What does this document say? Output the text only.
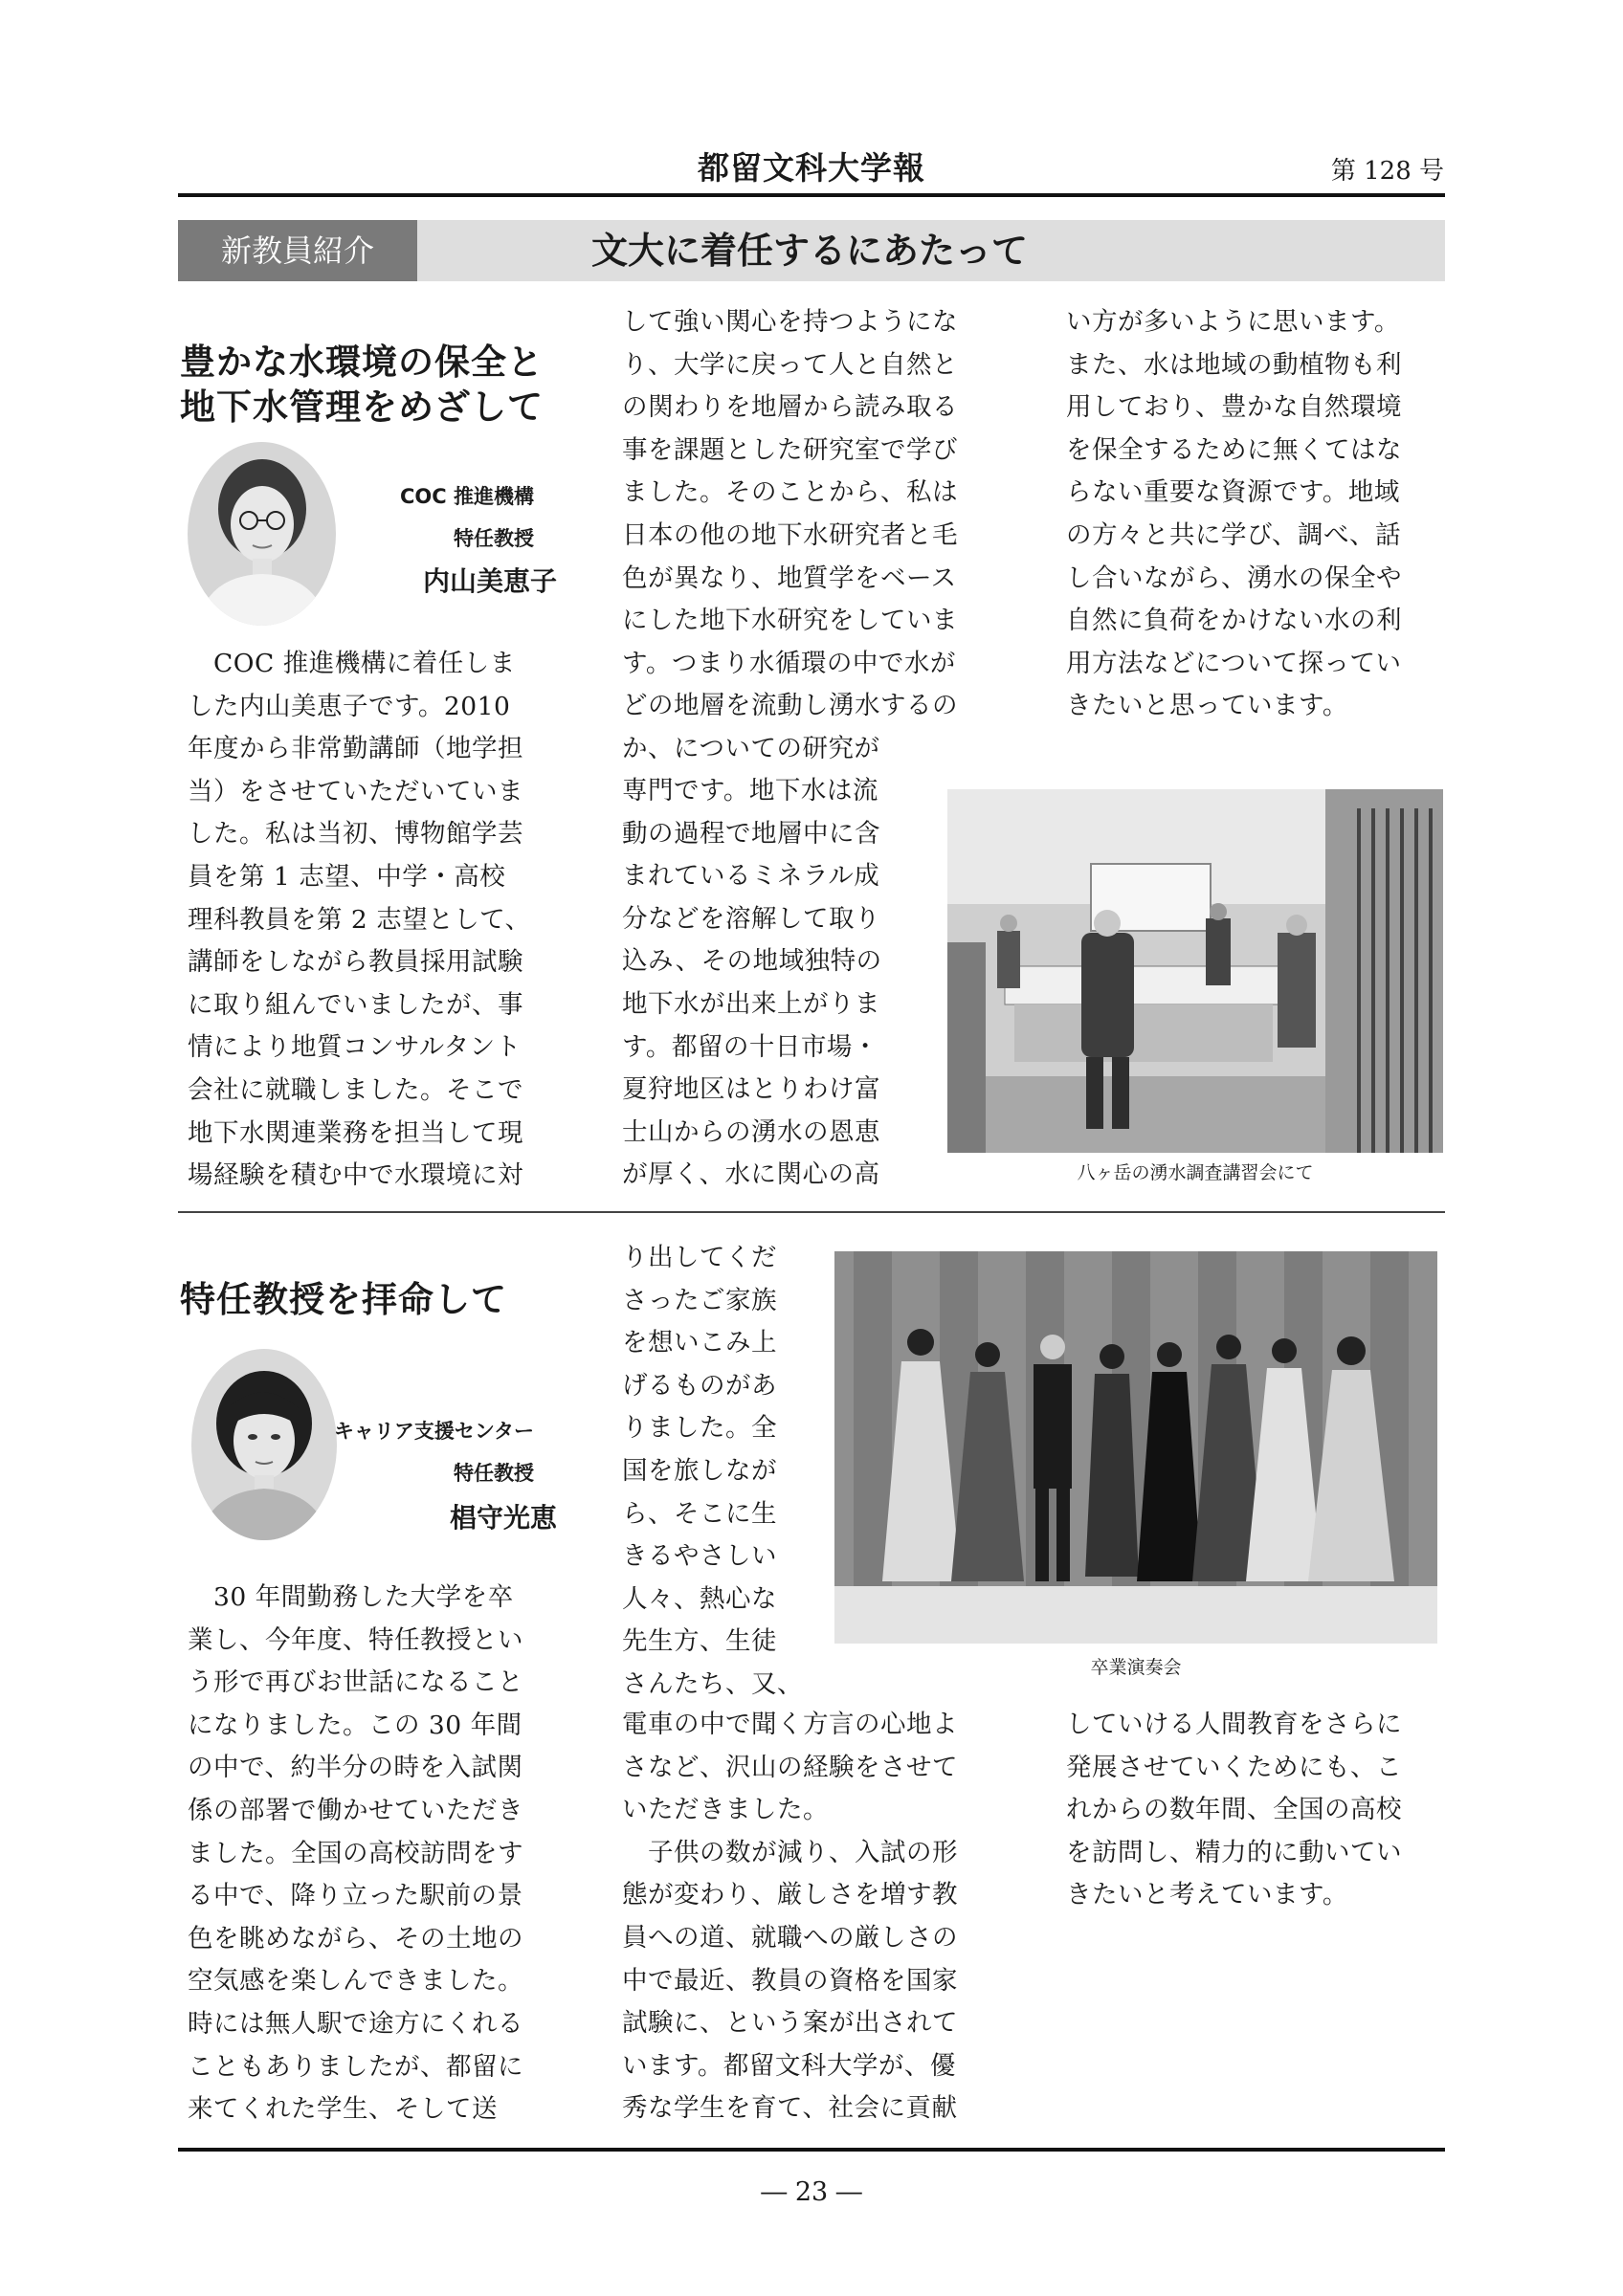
都留文科大学報	第 128 号
新教員紹介	文大に着任するにあたって
豊かな水環境の保全と
地下水管理をめざして
COC 推進機構
特任教授
内山美恵子
　COC 推進機構に着任しま
した内山美恵子です。2010
年度から非常勤講師（地学担
当）をさせていただいていま
した。私は当初、博物館学芸
員を第 1 志望、中学・高校
理科教員を第 2 志望として、
講師をしながら教員採用試験
に取り組んでいましたが、事
情により地質コンサルタント
会社に就職しました。そこで
地下水関連業務を担当して現
場経験を積む中で水環境に対
して強い関心を持つようにな
り、大学に戻って人と自然と
の関わりを地層から読み取る
事を課題とした研究室で学び
ました。そのことから、私は
日本の他の地下水研究者と毛
色が異なり、地質学をベース
にした地下水研究をしていま
す。つまり水循環の中で水が
どの地層を流動し湧水するの
か、についての研究が
専門です。地下水は流
動の過程で地層中に含
まれているミネラル成
分などを溶解して取り
込み、その地域独特の
地下水が出来上がりま
す。都留の十日市場・
夏狩地区はとりわけ富
士山からの湧水の恩恵
が厚く、水に関心の高
い方が多いように思います。
また、水は地域の動植物も利
用しており、豊かな自然環境
を保全するために無くてはな
らない重要な資源です。地域
の方々と共に学び、調べ、話
し合いながら、湧水の保全や
自然に負荷をかけない水の利
用方法などについて探ってい
きたいと思っています。
八ヶ岳の湧水調査講習会にて
特任教授を拝命して
キャリア支援センター
特任教授
椙守光恵
　30 年間勤務した大学を卒
業し、今年度、特任教授とい
う形で再びお世話になること
になりました。この 30 年間
の中で、約半分の時を入試関
係の部署で働かせていただき
ました。全国の高校訪問をす
る中で、降り立った駅前の景
色を眺めながら、その土地の
空気感を楽しんできました。
時には無人駅で途方にくれる
こともありましたが、都留に
来てくれた学生、そして送
り出してくだ
さったご家族
を想いこみ上
げるものがあ
りました。全
国を旅しなが
ら、そこに生
きるやさしい
人々、熱心な
先生方、生徒
さんたち、又、
電車の中で聞く方言の心地よ
さなど、沢山の経験をさせて
いただきました。
　子供の数が減り、入試の形
態が変わり、厳しさを増す教
員への道、就職への厳しさの
中で最近、教員の資格を国家
試験に、という案が出されて
います。都留文科大学が、優
秀な学生を育て、社会に貢献
していける人間教育をさらに
発展させていくためにも、こ
れからの数年間、全国の高校
を訪問し、精力的に動いてい
きたいと考えています。
卒業演奏会
― 23 ―
